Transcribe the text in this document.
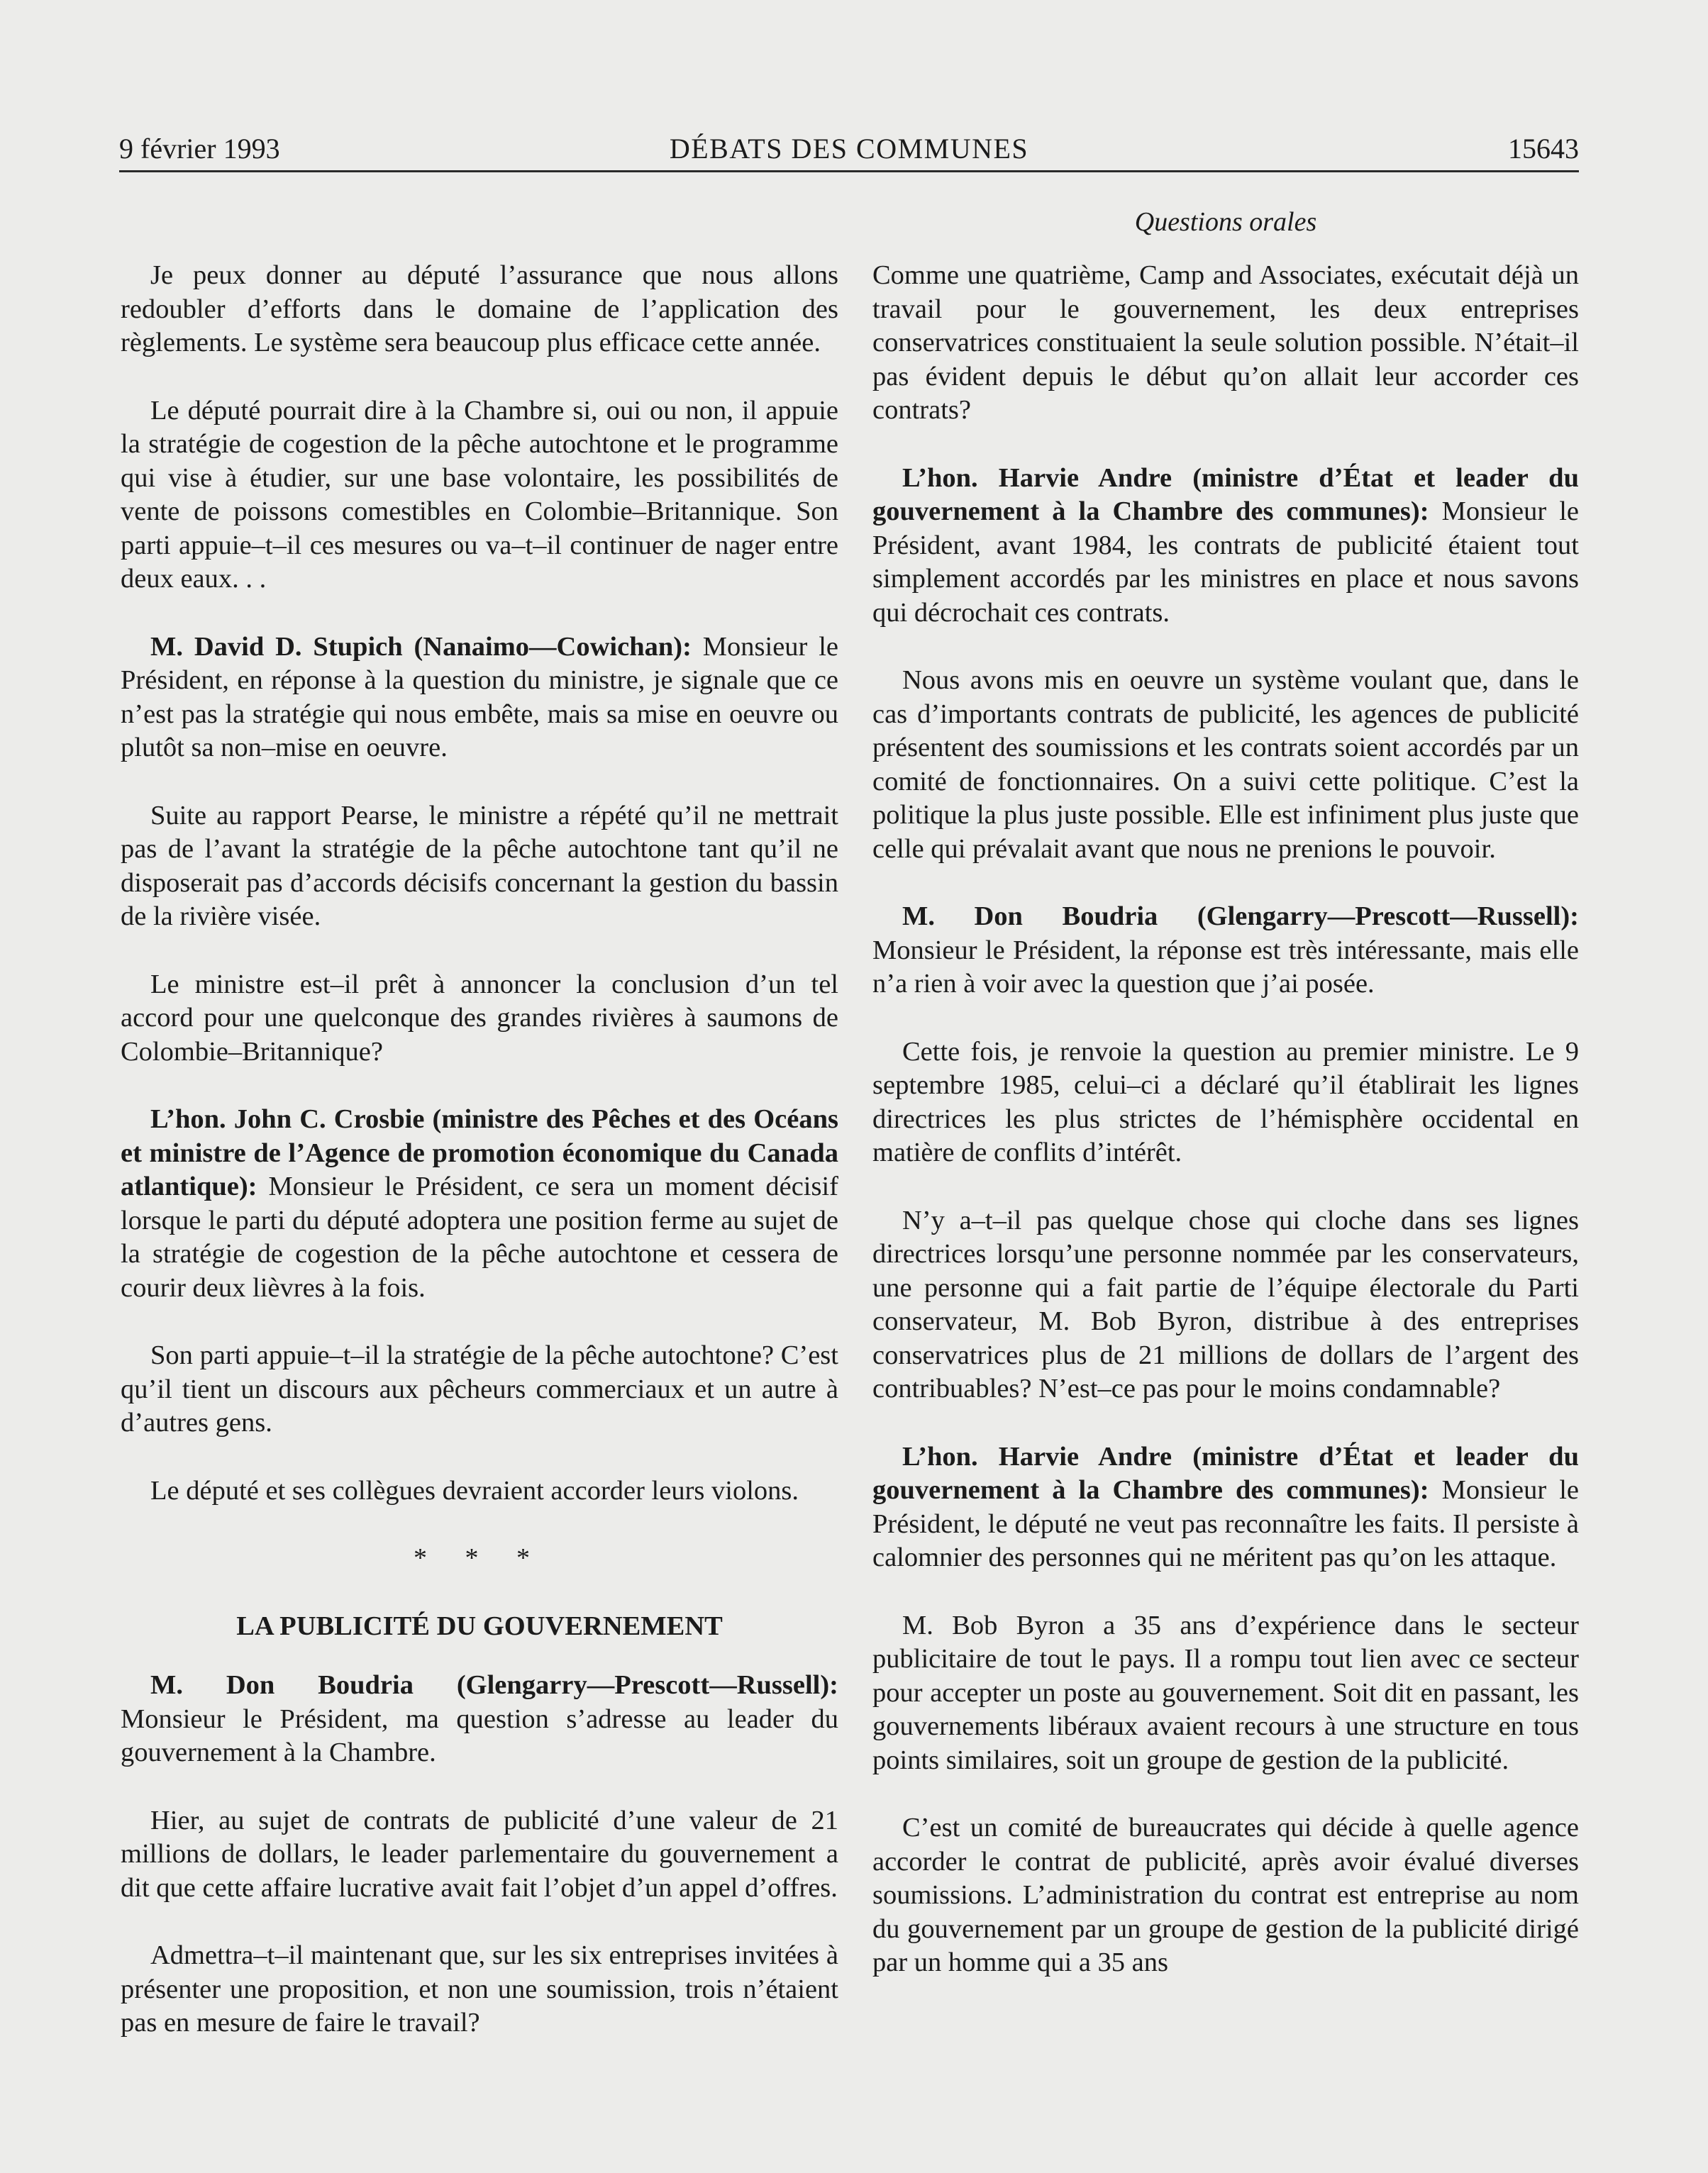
9 février 1993	DÉBATS DES COMMUNES	15643
Questions orales

Je peux donner au député l’assurance que nous allons redoubler d’efforts dans le domaine de l’application des règlements. Le système sera beaucoup plus efficace cette année.

Le député pourrait dire à la Chambre si, oui ou non, il appuie la stratégie de cogestion de la pêche autochtone et le programme qui vise à étudier, sur une base volontaire, les possibilités de vente de poissons comestibles en Colombie–Britannique. Son parti appuie–t–il ces mesures ou va–t–il continuer de nager entre deux eaux. . .

M. David D. Stupich (Nanaimo—Cowichan): Monsieur le Président, en réponse à la question du ministre, je signale que ce n’est pas la stratégie qui nous embête, mais sa mise en oeuvre ou plutôt sa non–mise en oeuvre.

Suite au rapport Pearse, le ministre a répété qu’il ne mettrait pas de l’avant la stratégie de la pêche autochtone tant qu’il ne disposerait pas d’accords décisifs concernant la gestion du bassin de la rivière visée.

Le ministre est–il prêt à annoncer la conclusion d’un tel accord pour une quelconque des grandes rivières à saumons de Colombie–Britannique?

L’hon. John C. Crosbie (ministre des Pêches et des Océans et ministre de l’Agence de promotion économique du Canada atlantique): Monsieur le Président, ce sera un moment décisif lorsque le parti du député adoptera une position ferme au sujet de la stratégie de cogestion de la pêche autochtone et cessera de courir deux lièvres à la fois.

Son parti appuie–t–il la stratégie de la pêche autochtone? C’est qu’il tient un discours aux pêcheurs commerciaux et un autre à d’autres gens.

Le député et ses collègues devraient accorder leurs violons.

* * *
LA PUBLICITÉ DU GOUVERNEMENT

M. Don Boudria (Glengarry—Prescott—Russell): Monsieur le Président, ma question s’adresse au leader du gouvernement à la Chambre.

Hier, au sujet de contrats de publicité d’une valeur de 21 millions de dollars, le leader parlementaire du gouvernement a dit que cette affaire lucrative avait fait l’objet d’un appel d’offres.

Admettra–t–il maintenant que, sur les six entreprises invitées à présenter une proposition, et non une soumission, trois n’étaient pas en mesure de faire le travail?

Comme une quatrième, Camp and Associates, exécutait déjà un travail pour le gouvernement, les deux entreprises conservatrices constituaient la seule solution possible. N’était–il pas évident depuis le début qu’on allait leur accorder ces contrats?

L’hon. Harvie Andre (ministre d’État et leader du gouvernement à la Chambre des communes): Monsieur le Président, avant 1984, les contrats de publicité étaient tout simplement accordés par les ministres en place et nous savons qui décrochait ces contrats.

Nous avons mis en oeuvre un système voulant que, dans le cas d’importants contrats de publicité, les agences de publicité présentent des soumissions et les contrats soient accordés par un comité de fonctionnaires. On a suivi cette politique. C’est la politique la plus juste possible. Elle est infiniment plus juste que celle qui prévalait avant que nous ne prenions le pouvoir.

M. Don Boudria (Glengarry—Prescott—Russell): Monsieur le Président, la réponse est très intéressante, mais elle n’a rien à voir avec la question que j’ai posée.

Cette fois, je renvoie la question au premier ministre. Le 9 septembre 1985, celui–ci a déclaré qu’il établirait les lignes directrices les plus strictes de l’hémisphère occidental en matière de conflits d’intérêt.

N’y a–t–il pas quelque chose qui cloche dans ses lignes directrices lorsqu’une personne nommée par les conservateurs, une personne qui a fait partie de l’équipe électorale du Parti conservateur, M. Bob Byron, distribue à des entreprises conservatrices plus de 21 millions de dollars de l’argent des contribuables? N’est–ce pas pour le moins condamnable?

L’hon. Harvie Andre (ministre d’État et leader du gouvernement à la Chambre des communes): Monsieur le Président, le député ne veut pas reconnaître les faits. Il persiste à calomnier des personnes qui ne méritent pas qu’on les attaque.

M. Bob Byron a 35 ans d’expérience dans le secteur publicitaire de tout le pays. Il a rompu tout lien avec ce secteur pour accepter un poste au gouvernement. Soit dit en passant, les gouvernements libéraux avaient recours à une structure en tous points similaires, soit un groupe de gestion de la publicité.

C’est un comité de bureaucrates qui décide à quelle agence accorder le contrat de publicité, après avoir évalué diverses soumissions. L’administration du contrat est entreprise au nom du gouvernement par un groupe de gestion de la publicité dirigé par un homme qui a 35 ans
